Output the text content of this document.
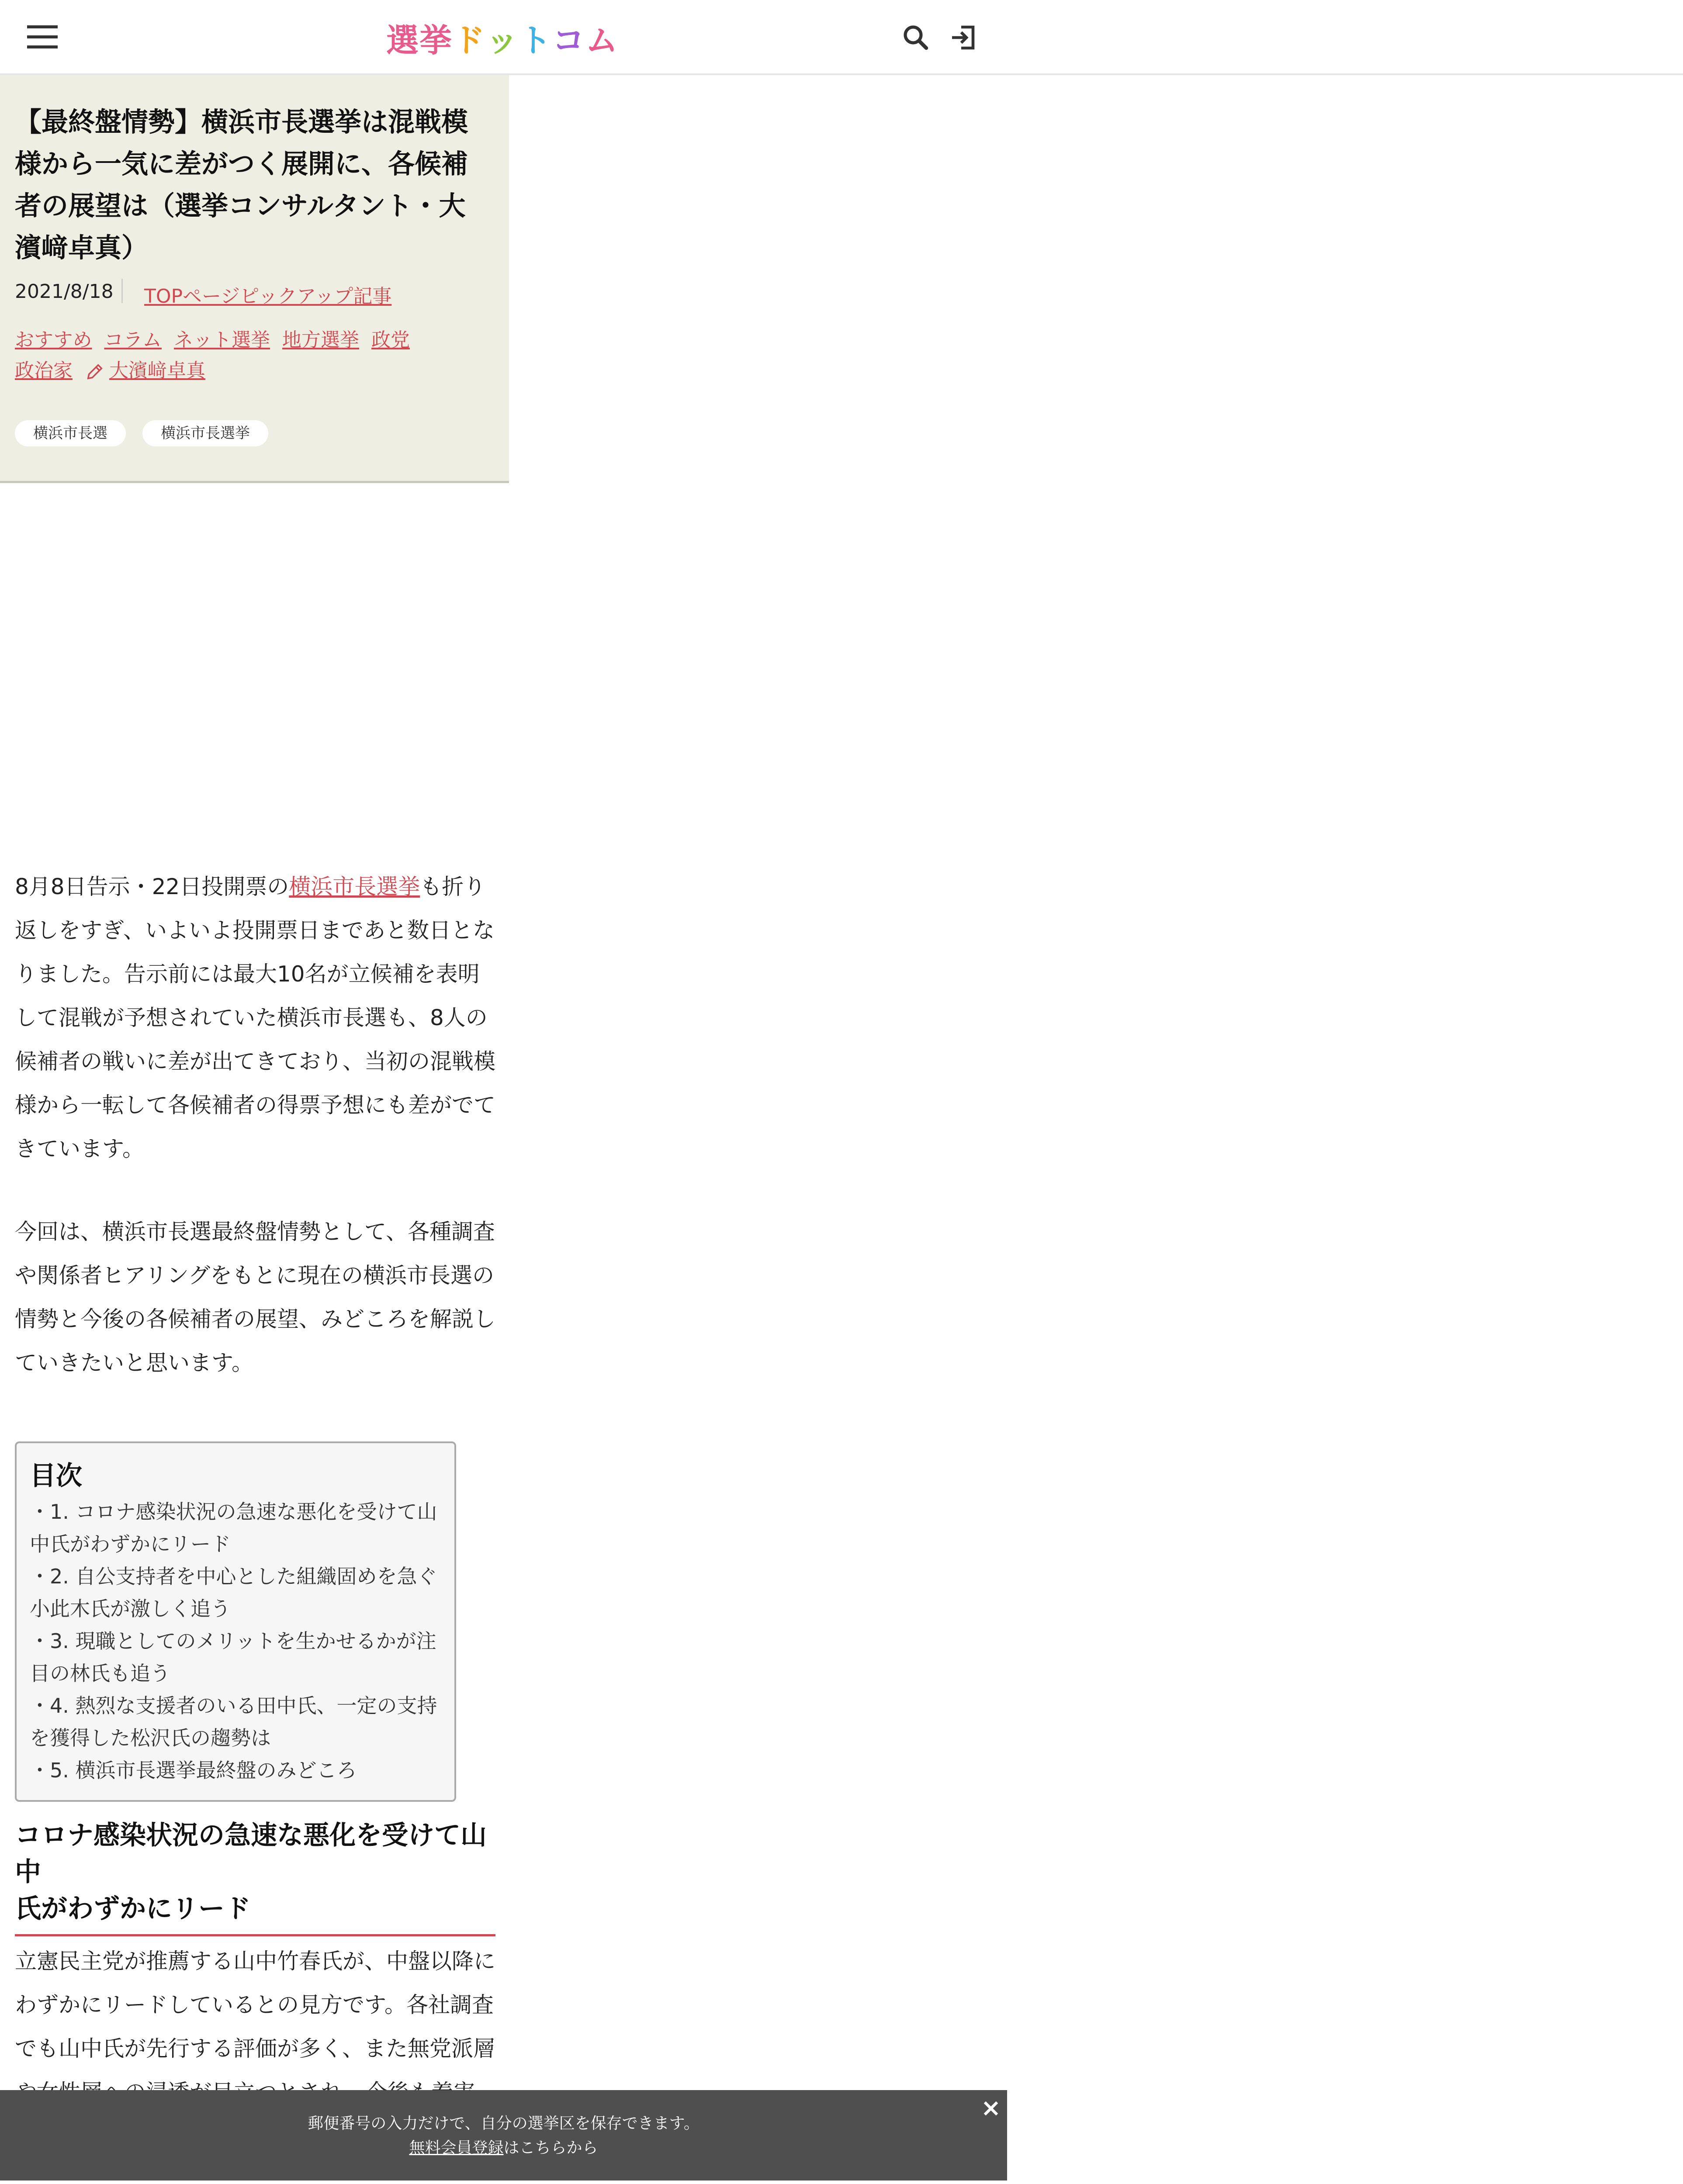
選 挙 ド ッ ト コ ム
【最終盤情勢】横浜市長選挙は混戦模様から一気に差がつく展開に、各候補者の展望は（選挙コンサルタント・大濱﨑卓真）
2021/8/18 TOPページピックアップ記事
おすすめ コラム ネット選挙 地方選挙 政党
政治家 大濱﨑卓真
横浜市長選	横浜市長選挙
8月8日告示・22日投開票の横浜市長選挙も折り
返しをすぎ、いよいよ投開票日まであと数日とな
りました。告示前には最大10名が立候補を表明
して混戦が予想されていた横浜市長選も、8人の
候補者の戦いに差が出てきており、当初の混戦模
様から一転して各候補者の得票予想にも差がでて
きています。
今回は、横浜市長選最終盤情勢として、各種調査
や関係者ヒアリングをもとに現在の横浜市長選の
情勢と今後の各候補者の展望、みどころを解説し
ていきたいと思います。
目次
・1. コロナ感染状況の急速な悪化を受けて山
中氏がわずかにリード
・2. 自公支持者を中心とした組織固めを急ぐ
小此木氏が激しく追う
・3. 現職としてのメリットを生かせるかが注
目の林氏も追う
・4. 熱烈な支援者のいる田中氏、一定の支持
を獲得した松沢氏の趨勢は
・5. 横浜市長選挙最終盤のみどころ
コロナ感染状況の急速な悪化を受けて山中
氏がわずかにリード
立憲民主党が推薦する山中竹春氏が、中盤以降に
わずかにリードしているとの見方です。各社調査
でも山中氏が先行する評価が多く、また無党派層
郵便番号の入力だけで、自分の選挙区を保存できます。
無料会員登録はこちらから
